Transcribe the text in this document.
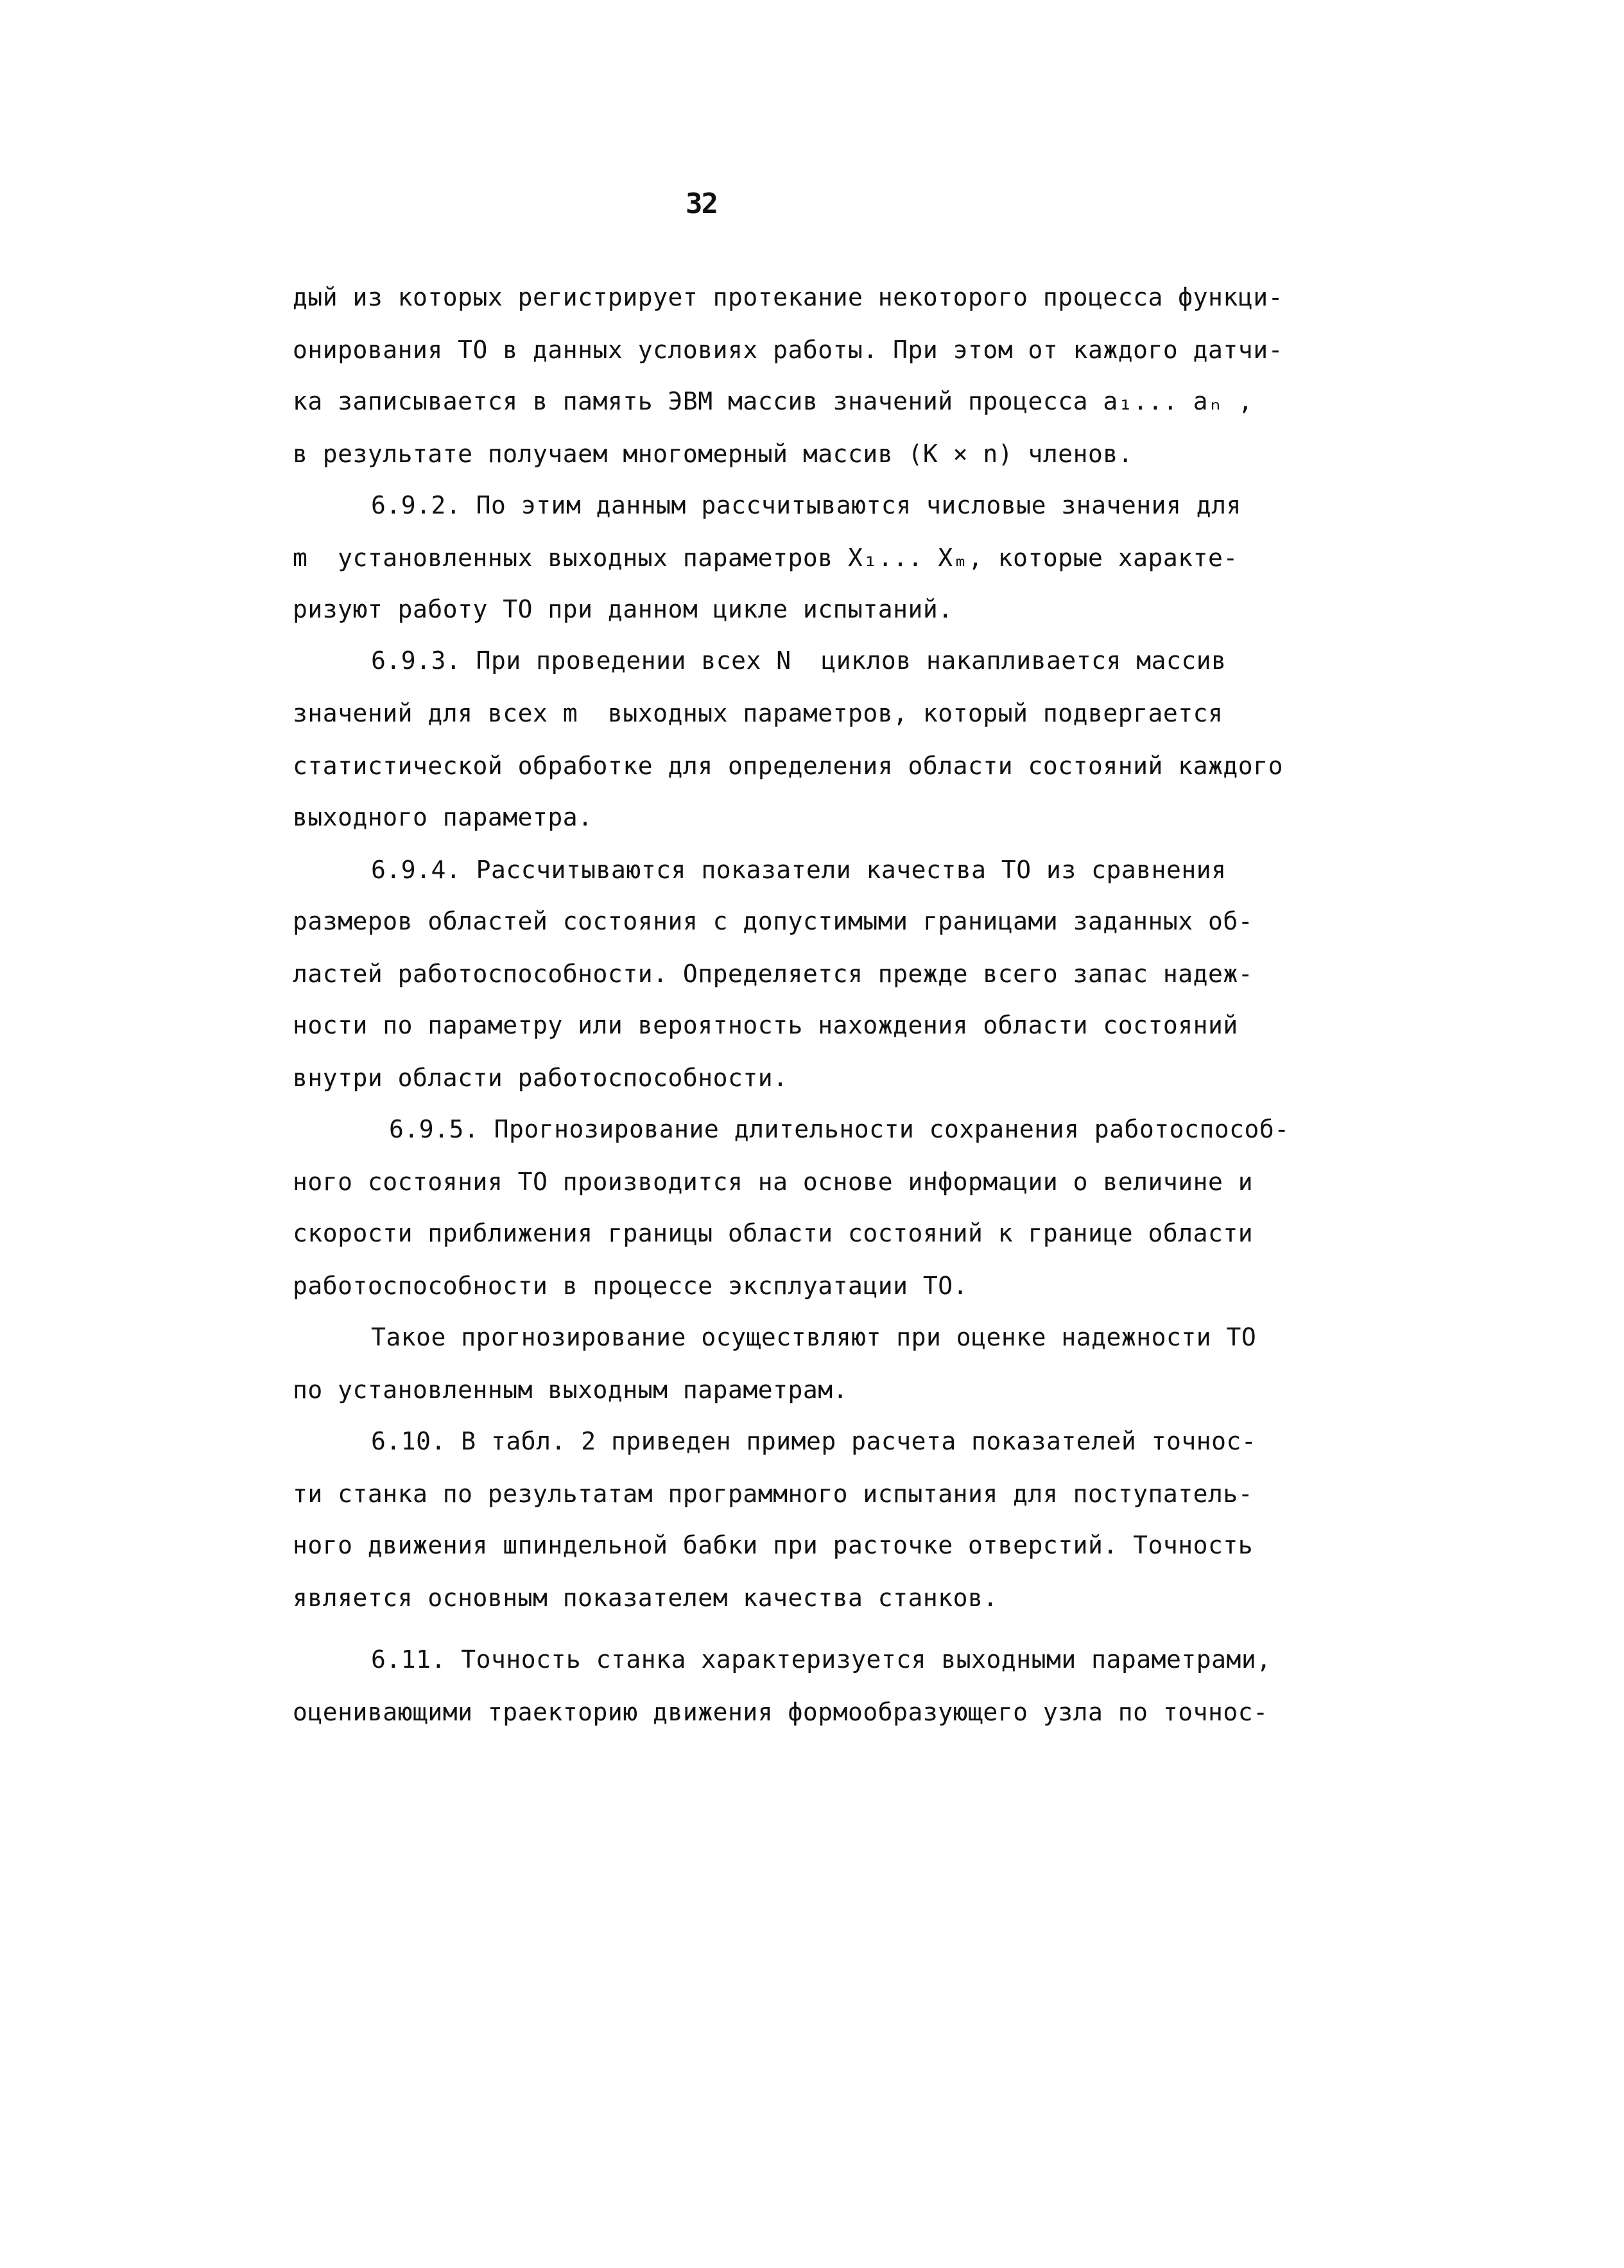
32
дый из которых регистрирует протекание некоторого процесса функци-
онирования ТО в данных условиях работы. При этом от каждого датчи-
ка записывается в память ЭВМ массив значений процесса a₁... aₙ ,
в результате получаем многомерный массив (K × n) членов.
6.9.2. По этим данным рассчитываются числовые значения для
m  установленных выходных параметров X₁... Xₘ, которые характе-
ризуют работу ТО при данном цикле испытаний.
6.9.3. При проведении всех N  циклов накапливается массив
значений для всех m  выходных параметров, который подвергается
статистической обработке для определения области состояний каждого
выходного параметра.
6.9.4. Рассчитываются показатели качества ТО из сравнения
размеров областей состояния с допустимыми границами заданных об-
ластей работоспособности. Определяется прежде всего запас надеж-
ности по параметру или вероятность нахождения области состояний
внутри области работоспособности.
6.9.5. Прогнозирование длительности сохранения работоспособ-
ного состояния ТО производится на основе информации о величине и
скорости приближения границы области состояний к границе области
работоспособности в процессе эксплуатации ТО.
Такое прогнозирование осуществляют при оценке надежности ТО
по установленным выходным параметрам.
6.10. В табл. 2 приведен пример расчета показателей точнос-
ти станка по результатам программного испытания для поступатель-
ного движения шпиндельной бабки при расточке отверстий. Точность
является основным показателем качества станков.
6.11. Точность станка характеризуется выходными параметрами,
оценивающими траекторию движения формообразующего узла по точнос-
